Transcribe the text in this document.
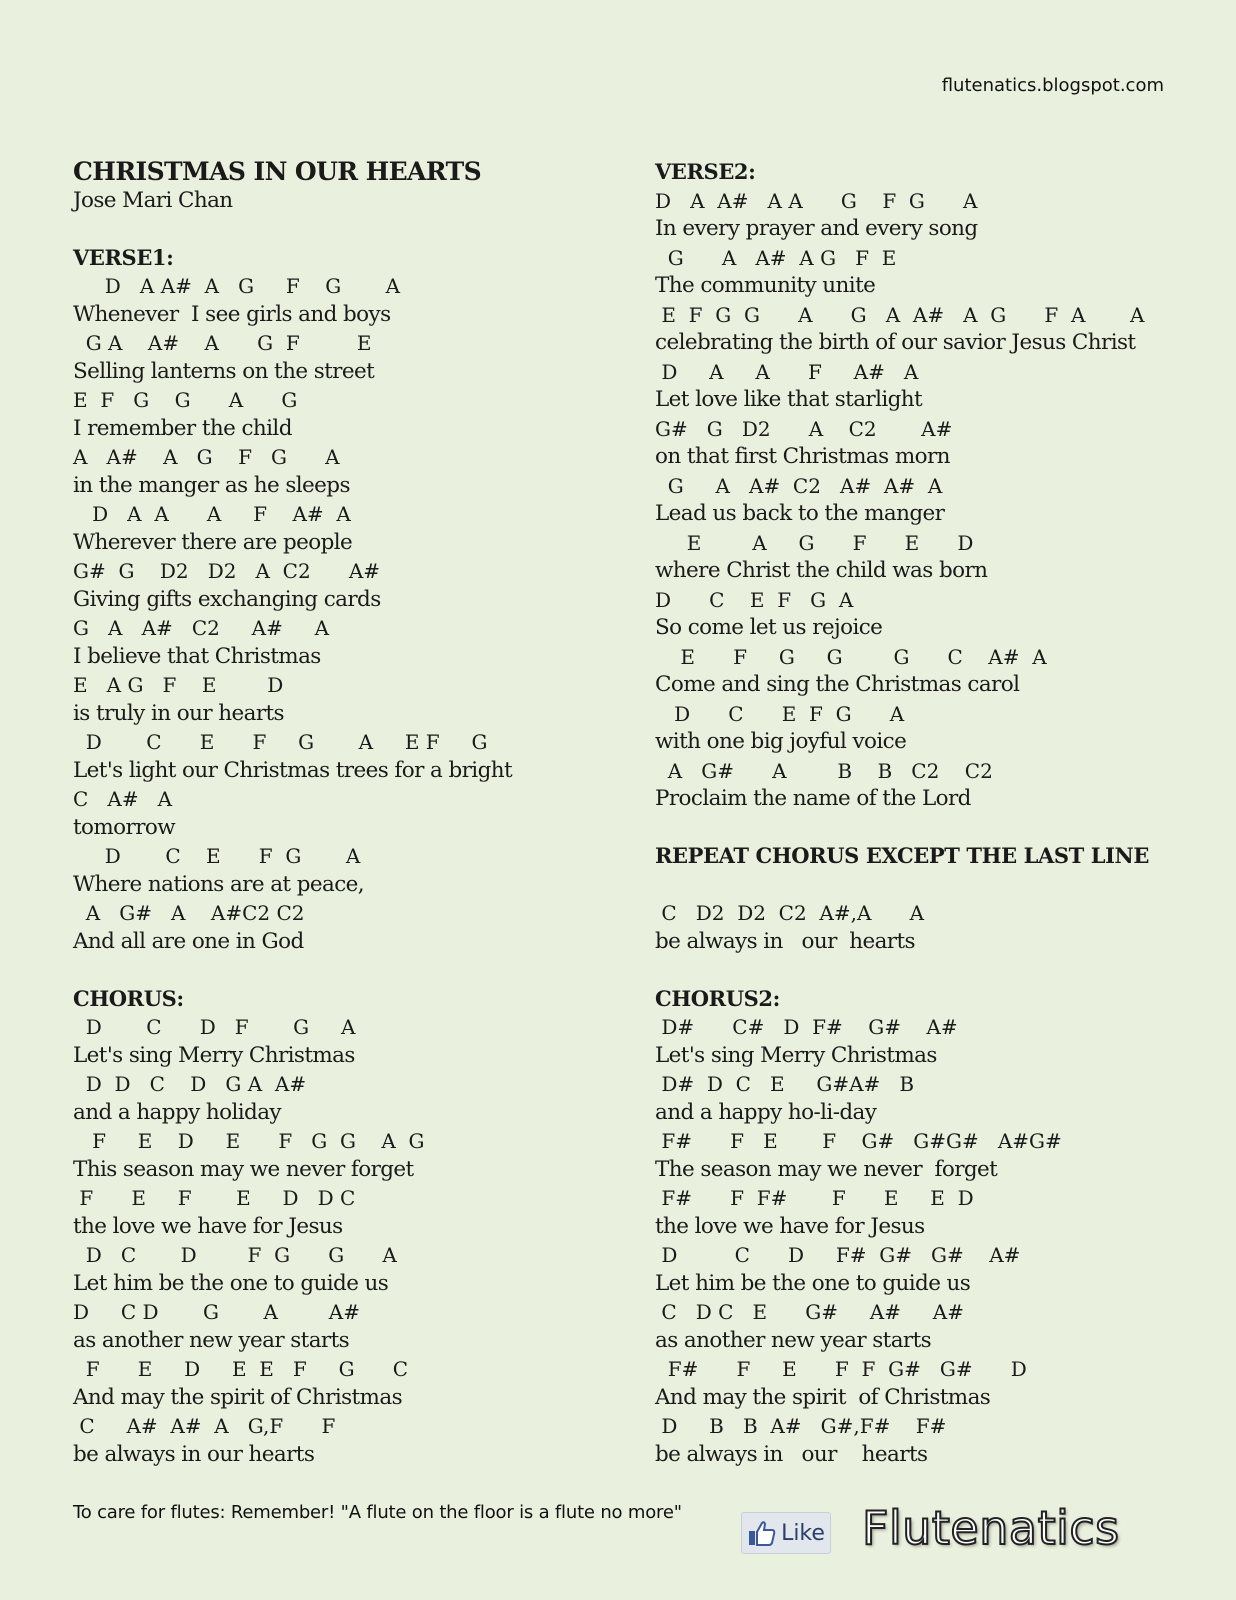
flutenatics.blogspot.com
CHRISTMAS IN OUR HEARTS
Jose Mari Chan
VERSE1:
D   A A#  A   G     F    G       A
Whenever  I see girls and boys
G A    A#    A      G  F         E
Selling lanterns on the street
E  F   G    G      A      G
I remember the child
A   A#    A   G    F   G      A
in the manger as he sleeps
D   A  A      A     F    A#  A
Wherever there are people
G#  G    D2   D2   A  C2      A#
Giving gifts exchanging cards
G   A   A#   C2     A#     A
I believe that Christmas
E   A G   F    E        D
is truly in our hearts
D       C      E      F     G       A     E F     G
Let's light our Christmas trees for a bright
C   A#   A
tomorrow
D       C    E      F  G       A
Where nations are at peace,
A   G#   A    A#C2 C2
And all are one in God
CHORUS:
D       C      D   F       G     A
Let's sing Merry Christmas
D  D   C    D   G A  A#
and a happy holiday
F     E    D     E      F   G  G    A  G
This season may we never forget
F      E     F       E     D   D C
the love we have for Jesus
D   C       D        F  G      G      A
Let him be the one to guide us
D     C D       G       A        A#
as another new year starts
F      E     D     E  E   F     G      C
And may the spirit of Christmas
C     A#  A#  A   G,F      F
be always in our hearts
VERSE2:
D   A  A#   A A      G    F  G      A
In every prayer and every song
G      A   A#  A G   F  E
The community unite
E  F  G  G      A      G   A  A#   A  G      F  A       A
celebrating the birth of our savior Jesus Christ
D     A     A      F     A#   A
Let love like that starlight
G#   G   D2      A    C2       A#
on that first Christmas morn
G     A   A#  C2   A#  A#  A
Lead us back to the manger
E        A     G      F      E      D
where Christ the child was born
D      C    E  F   G  A
So come let us rejoice
E      F     G     G        G      C    A#  A
Come and sing the Christmas carol
D      C      E  F  G      A
with one big joyful voice
A   G#      A        B    B   C2    C2
Proclaim the name of the Lord
REPEAT CHORUS EXCEPT THE LAST LINE
C   D2  D2  C2  A#,A      A
be always in   our  hearts
CHORUS2:
D#      C#   D  F#    G#    A#
Let's sing Merry Christmas
D#  D  C   E     G#A#   B
and a happy ho-li-day
F#      F   E       F    G#   G#G#   A#G#
The season may we never  forget
F#      F  F#       F      E     E  D
the love we have for Jesus
D         C      D     F#  G#   G#    A#
Let him be the one to guide us
C   D C   E      G#     A#     A#
as another new year starts
F#      F     E      F  F  G#   G#      D
And may the spirit  of Christmas
D     B   B  A#   G#,F#    F#
be always in   our    hearts
To care for flutes: Remember! "A flute on the floor is a flute no more"
Like Flutenatics
